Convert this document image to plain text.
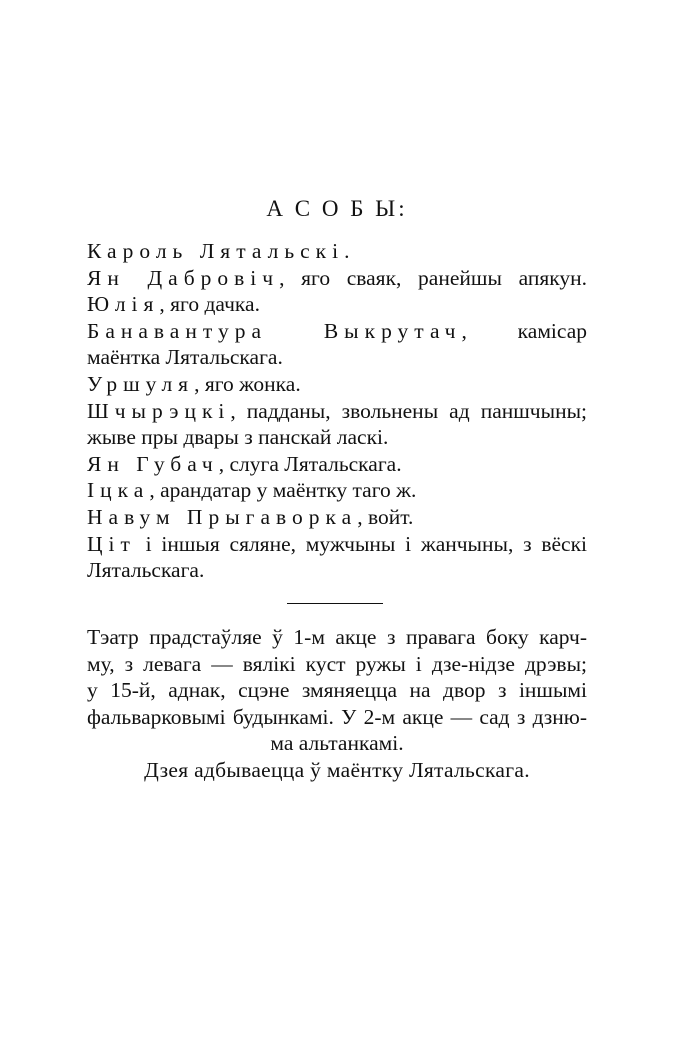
А С О Б Ы:
Кароль Лятальскі.
Ян Дабровіч, яго сваяк, ранейшы апякун.
Юлія, яго дачка.
Банавантура Выкрутач, камісар
маёнтка Лятальскага.
Уршуля, яго жонка.
Шчырэцкі, падданы, звольнены ад паншчыны;
жыве пры двары з панскай ласкі.
Ян Губач, слуга Лятальскага.
Іцка, арандатар у маёнтку таго ж.
Навум Прыгаворка, войт.
Ціт і іншыя сяляне, мужчыны і жанчыны, з вёскі
Лятальскага.
Тэатр прадстаўляе ў 1-м акце з правага боку карч-
му, з левага — вялікі куст ружы і дзе-нідзе дрэвы;
у 15-й, аднак, сцэне змяняецца на двор з іншымі
фальварковымі будынкамі. У 2-м акце — сад з дзню-
ма альтанкамі.
Дзея адбываецца ў маёнтку Лятальскага.
